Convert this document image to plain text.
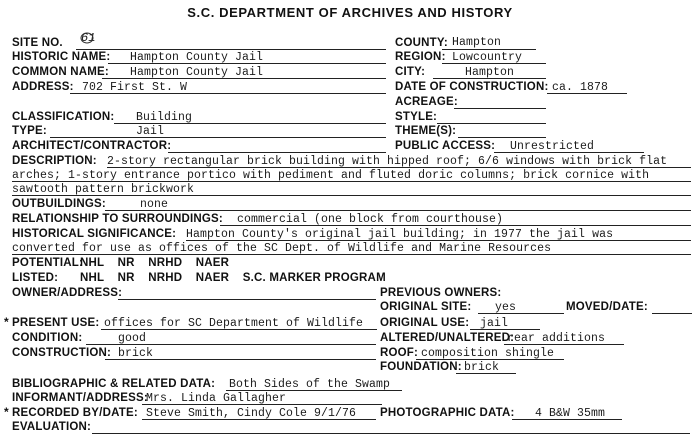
S.C. DEPARTMENT OF ARCHIVES AND HISTORY
SITE NO. 61	COUNTY: Hampton
HISTORIC NAME: Hampton County Jail	REGION: Lowcountry
COMMON NAME: Hampton County Jail	CITY:	Hampton
ADDRESS: 702 First St. W	DATE OF CONSTRUCTION: ca. 1878
ACREAGE:
CLASSIFICATION: Building	STYLE:
TYPE:	Jail	THEME(S):
ARCHITECT/CONTRACTOR:	PUBLIC ACCESS: Unrestricted
DESCRIPTION: 2-story rectangular brick building with hipped roof; 6/6 windows with brick flat
arches; 1-story entrance portico with pediment and fluted doric columns; brick cornice with
sawtooth pattern brickwork
OUTBUILDINGS:	none
RELATIONSHIP TO SURROUNDINGS: commercial (one block from courthouse)
HISTORICAL SIGNIFICANCE: Hampton County's original jail building; in 1977 the jail was
converted for use as offices of the SC Dept. of Wildlife and Marine Resources
POTENTIAL:
NHL    NR    NRHD    NAER
LISTED: NHL    NR    NRHD    NAER    S.C. MARKER PROGRAM
OWNER/ADDRESS:	PREVIOUS OWNERS:
ORIGINAL SITE: yes	MOVED/DATE:
* PRESENT USE: offices for SC Department of Wildlife ORIGINAL USE: jail
CONDITION:	good	ALTERED/UNALTERED:
rear additions
CONSTRUCTION: brick	ROOF: composition shingle
FOUNDATION: brick
BIBLIOGRAPHIC & RELATED DATA: Both Sides of the Swamp
INFORMANT/ADDRESS:
Mrs. Linda Gallagher
* RECORDED BY/DATE: Steve Smith, Cindy Cole 9/1/76 PHOTOGRAPHIC DATA: 4 B&W 35mm
EVALUATION:
